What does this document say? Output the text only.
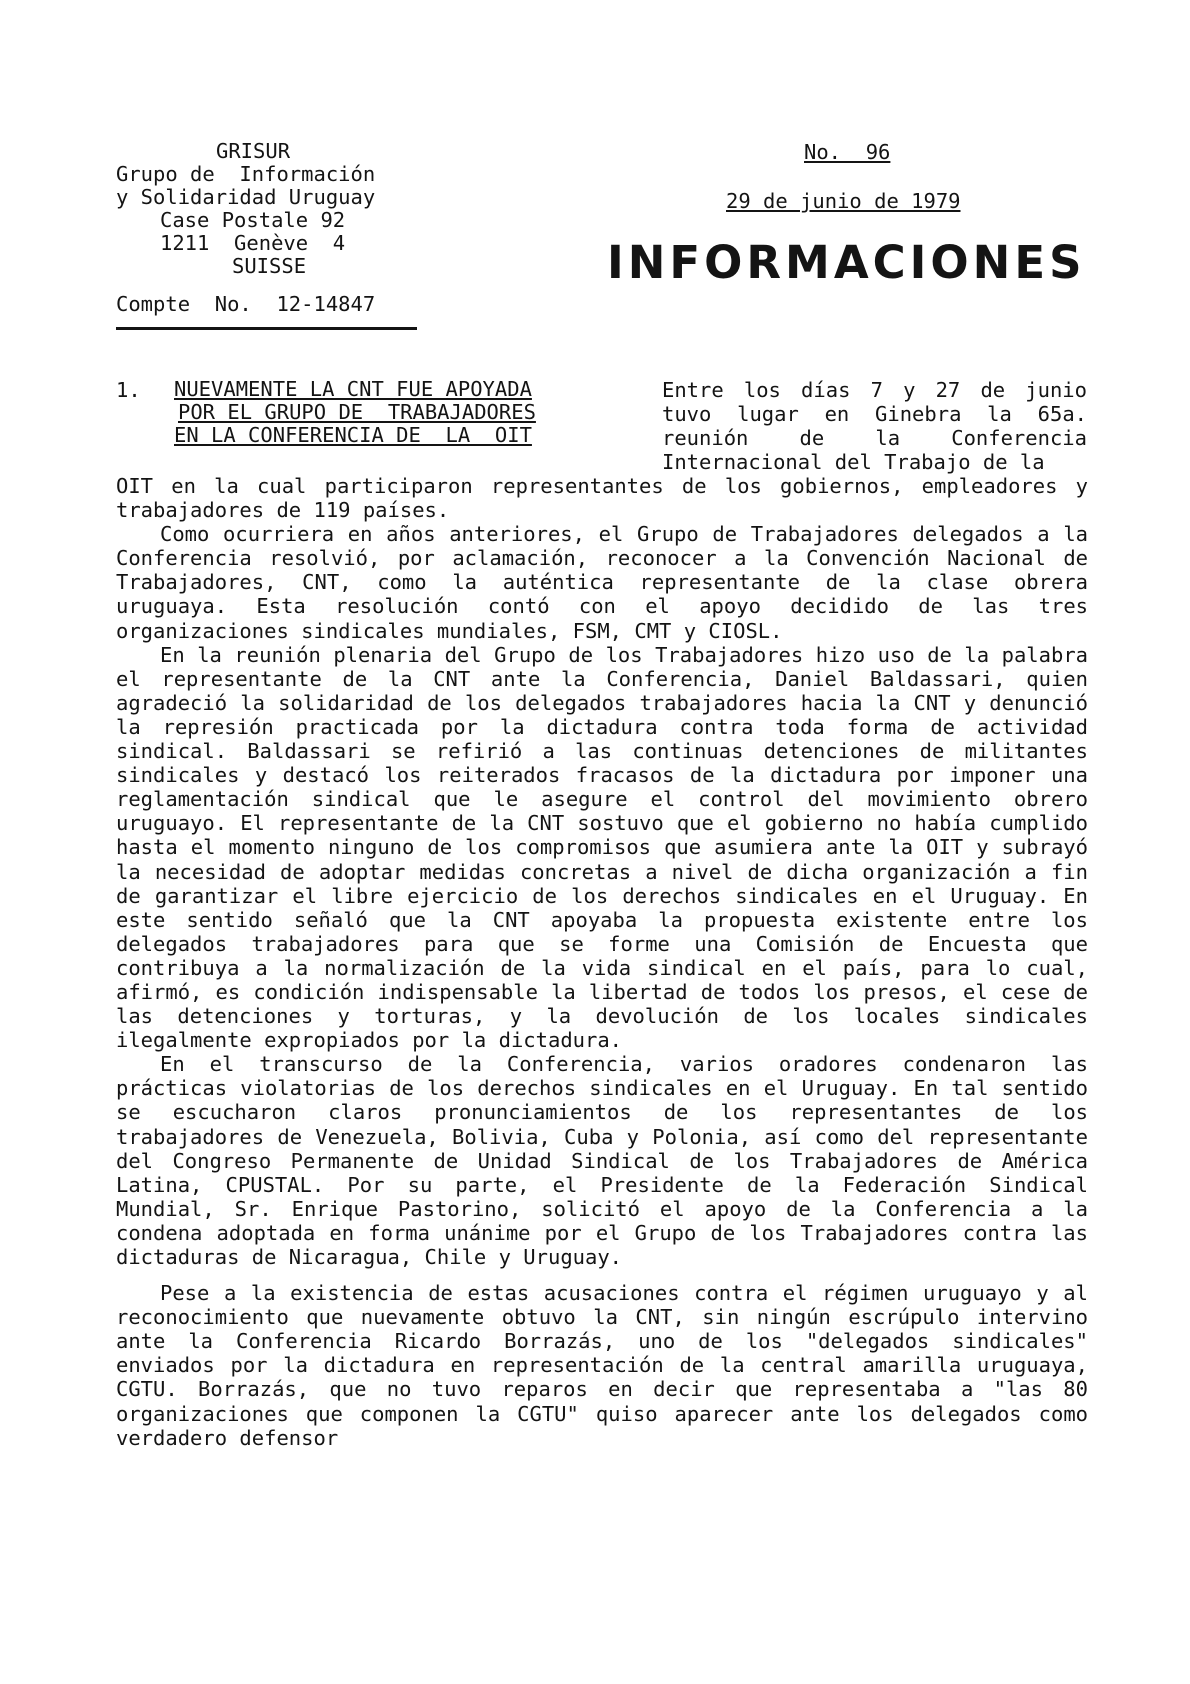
GRISUR
Grupo de  Información
y Solidaridad Uruguay
Case Postale 92
1211  Genève  4
SUISSE
Compte  No.  12-14847
No.  96
29 de junio de 1979
INFORMACIONES
1. NUEVAMENTE LA CNT FUE APOYADA
POR EL GRUPO DE  TRABAJADORES
EN LA CONFERENCIA DE  LA  OIT
Entre los días 7 y 27 de junio tuvo lugar en Ginebra la 65a. reunión de la Conferencia Internacional del Trabajo de la

OIT en la cual participaron representantes de los gobiernos, empleadores y trabajadores de 119 países.

Como ocurriera en años anteriores, el Grupo de Trabajadores delegados a la Conferencia resolvió, por aclamación, reconocer a la Convención Nacional de Trabajadores, CNT, como la auténtica representante de la clase obrera uruguaya. Esta resolución contó con el apoyo decidido de las tres organizaciones sindicales mundiales, FSM, CMT y CIOSL.

En la reunión plenaria del Grupo de los Trabajadores hizo uso de la palabra el representante de la CNT ante la Conferencia, Daniel Baldassari, quien agradeció la solidaridad de los delegados trabajadores hacia la CNT y denunció la represión practicada por la dictadura contra toda forma de actividad sindical. Baldassari se refirió a las continuas detenciones de militantes sindicales y destacó los reiterados fracasos de la dictadura por imponer una reglamentación sindical que le asegure el control del movimiento obrero uruguayo. El representante de la CNT sostuvo que el gobierno no había cumplido hasta el momento ninguno de los compromisos que asumiera ante la OIT y subrayó la necesidad de adoptar medidas concretas a nivel de dicha organización a fin de garantizar el libre ejercicio de los derechos sindicales en el Uruguay. En este sentido señaló que la CNT apoyaba la propuesta existente entre los delegados trabajadores para que se forme una Comisión de Encuesta que contribuya a la normalización de la vida sindical en el país, para lo cual, afirmó, es condición indispensable la libertad de todos los presos, el cese de las detenciones y torturas, y la devolución de los locales sindicales ilegalmente expropiados por la dictadura.

En el transcurso de la Conferencia, varios oradores condenaron las prácticas violatorias de los derechos sindicales en el Uruguay. En tal sentido se escucharon claros pronunciamientos de los representantes de los trabajadores de Venezuela, Bolivia, Cuba y Polonia, así como del representante del Congreso Permanente de Unidad Sindical de los Trabajadores de América Latina, CPUSTAL. Por su parte, el Presidente de la Federación Sindical Mundial, Sr. Enrique Pastorino, solicitó el apoyo de la Conferencia a la condena adoptada en forma unánime por el Grupo de los Trabajadores contra las dictaduras de Nicaragua, Chile y Uruguay.

Pese a la existencia de estas acusaciones contra el régimen uruguayo y al reconocimiento que nuevamente obtuvo la CNT, sin ningún escrúpulo intervino ante la Conferencia Ricardo Borrazás, uno de los "delegados sindicales" enviados por la dictadura en representación de la central amarilla uruguaya, CGTU. Borrazás, que no tuvo reparos en decir que representaba a "las 80 organizaciones que componen la CGTU" quiso aparecer ante los delegados como verdadero defensor
